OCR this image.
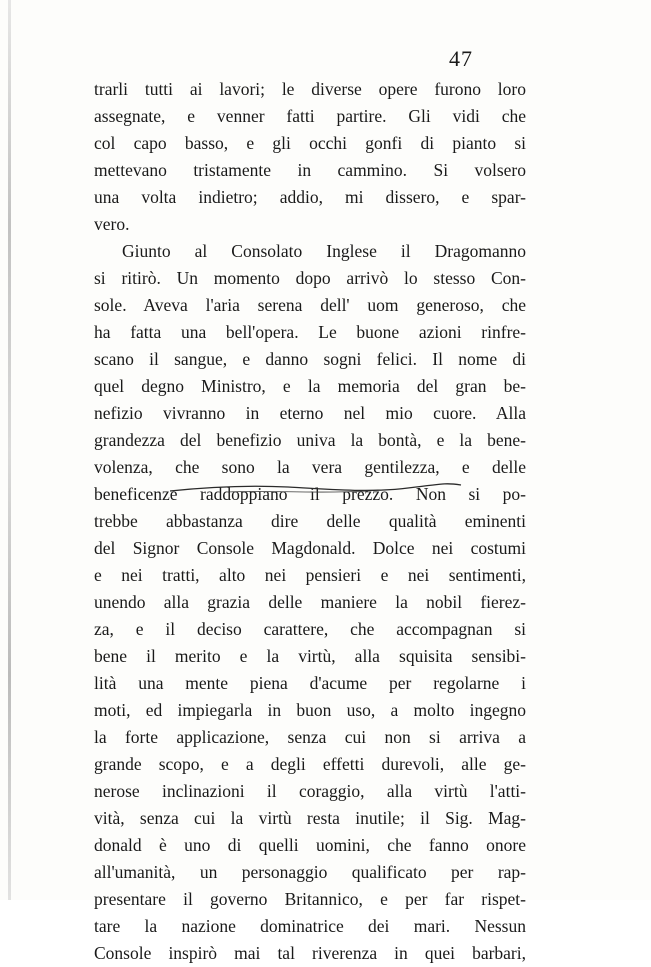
47
trarli tutti ai lavori; le diverse opere furono loro
assegnate, e venner fatti partire. Gli vidi che
col capo basso, e gli occhi gonfi di pianto si
mettevano tristamente in cammino. Si volsero
una volta indietro; addio, mi dissero, e spar-
vero.
Giunto al Consolato Inglese il Dragomanno
si ritirò. Un momento dopo arrivò lo stesso Con-
sole. Aveva l'aria serena dell' uom generoso, che
ha fatta una bell'opera. Le buone azioni rinfre-
scano il sangue, e danno sogni felici. Il nome di
quel degno Ministro, e la memoria del gran be-
nefizio vivranno in eterno nel mio cuore. Alla
grandezza del benefizio univa la bontà, e la bene-
volenza, che sono la vera gentilezza, e delle
beneficenze raddoppiano il prezzo. Non si po-
trebbe abbastanza dire delle qualità eminenti
del Signor Console Magdonald. Dolce nei costumi
e nei tratti, alto nei pensieri e nei sentimenti,
unendo alla grazia delle maniere la nobil fierez-
za, e il deciso carattere, che accompagnan si
bene il merito e la virtù, alla squisita sensibi-
lità una mente piena d'acume per regolarne i
moti, ed impiegarla in buon uso, a molto ingegno
la forte applicazione, senza cui non si arriva a
grande scopo, e a degli effetti durevoli, alle ge-
nerose inclinazioni il coraggio, alla virtù l'atti-
vità, senza cui la virtù resta inutile; il Sig. Mag-
donald è uno di quelli uomini, che fanno onore
all'umanità, un personaggio qualificato per rap-
presentare il governo Britannico, e per far rispet-
tare la nazione dominatrice dei mari. Nessun
Console inspirò mai tal riverenza in quei barbari,
